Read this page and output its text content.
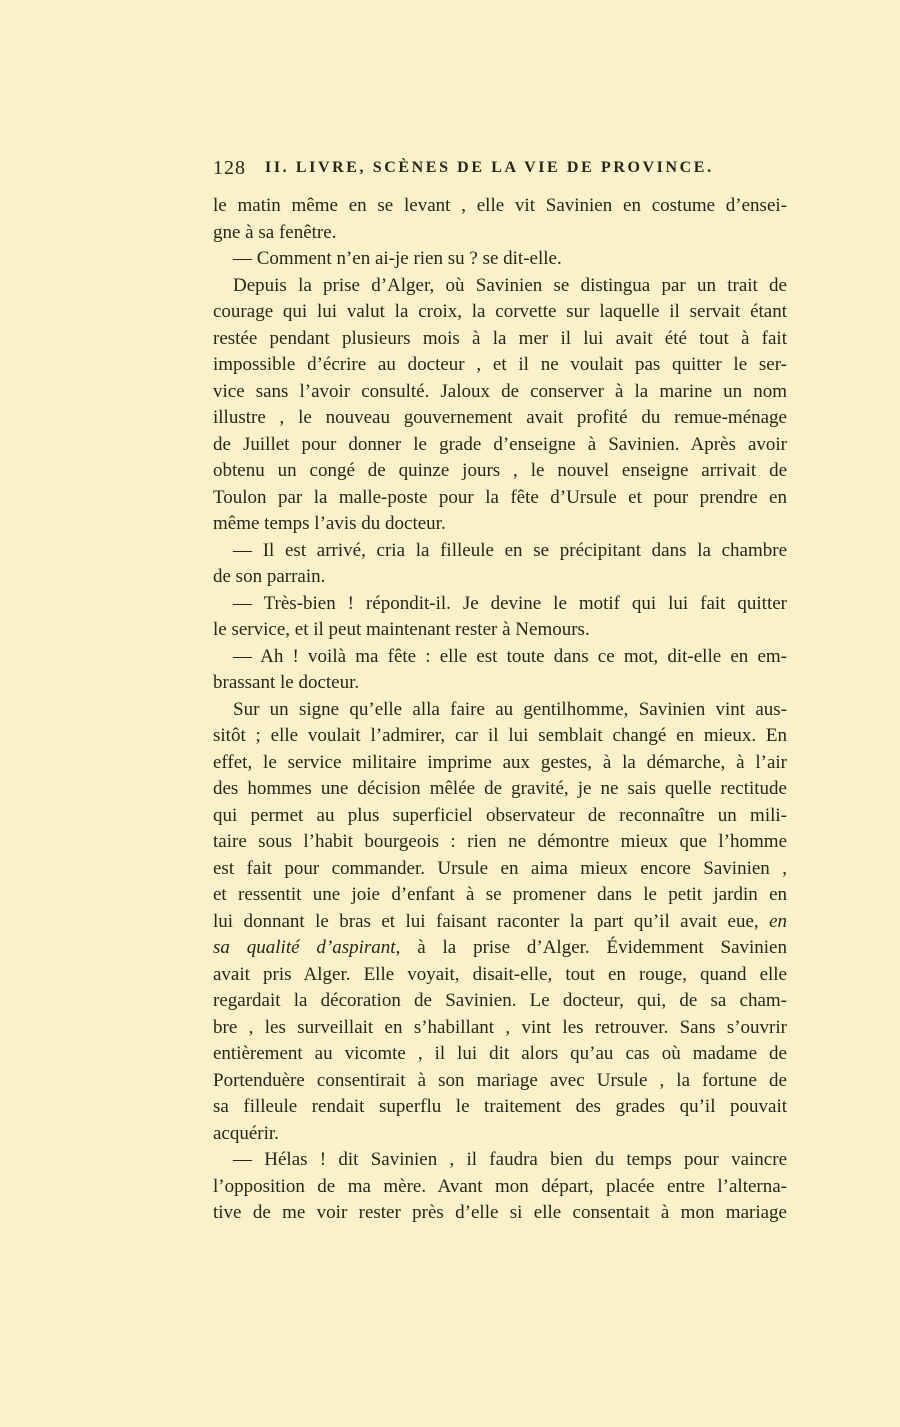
128 II. LIVRE, SCÈNES DE LA VIE DE PROVINCE.
le matin même en se levant , elle vit Savinien en costume d’ensei-
gne à sa fenêtre.
— Comment n’en ai-je rien su ? se dit-elle.
Depuis la prise d’Alger, où Savinien se distingua par un trait de
courage qui lui valut la croix, la corvette sur laquelle il servait étant
restée pendant plusieurs mois à la mer il lui avait été tout à fait
impossible d’écrire au docteur , et il ne voulait pas quitter le ser-
vice sans l’avoir consulté. Jaloux de conserver à la marine un nom
illustre , le nouveau gouvernement avait profité du remue-ménage
de Juillet pour donner le grade d’enseigne à Savinien. Après avoir
obtenu un congé de quinze jours , le nouvel enseigne arrivait de
Toulon par la malle-poste pour la fête d’Ursule et pour prendre en
même temps l’avis du docteur.
— Il est arrivé, cria la filleule en se précipitant dans la chambre
de son parrain.
— Très-bien ! répondit-il. Je devine le motif qui lui fait quitter
le service, et il peut maintenant rester à Nemours.
— Ah ! voilà ma fête : elle est toute dans ce mot, dit-elle en em-
brassant le docteur.
Sur un signe qu’elle alla faire au gentilhomme, Savinien vint aus-
sitôt ; elle voulait l’admirer, car il lui semblait changé en mieux. En
effet, le service militaire imprime aux gestes, à la démarche, à l’air
des hommes une décision mêlée de gravité, je ne sais quelle rectitude
qui permet au plus superficiel observateur de reconnaître un mili-
taire sous l’habit bourgeois : rien ne démontre mieux que l’homme
est fait pour commander. Ursule en aima mieux encore Savinien ,
et ressentit une joie d’enfant à se promener dans le petit jardin en
lui donnant le bras et lui faisant raconter la part qu’il avait eue, en
sa qualité d’aspirant, à la prise d’Alger. Évidemment Savinien
avait pris Alger. Elle voyait, disait-elle, tout en rouge, quand elle
regardait la décoration de Savinien. Le docteur, qui, de sa cham-
bre , les surveillait en s’habillant , vint les retrouver. Sans s’ouvrir
entièrement au vicomte , il lui dit alors qu’au cas où madame de
Portenduère consentirait à son mariage avec Ursule , la fortune de
sa filleule rendait superflu le traitement des grades qu’il pouvait
acquérir.
— Hélas ! dit Savinien , il faudra bien du temps pour vaincre
l’opposition de ma mère. Avant mon départ, placée entre l’alterna-
tive de me voir rester près d’elle si elle consentait à mon mariage
